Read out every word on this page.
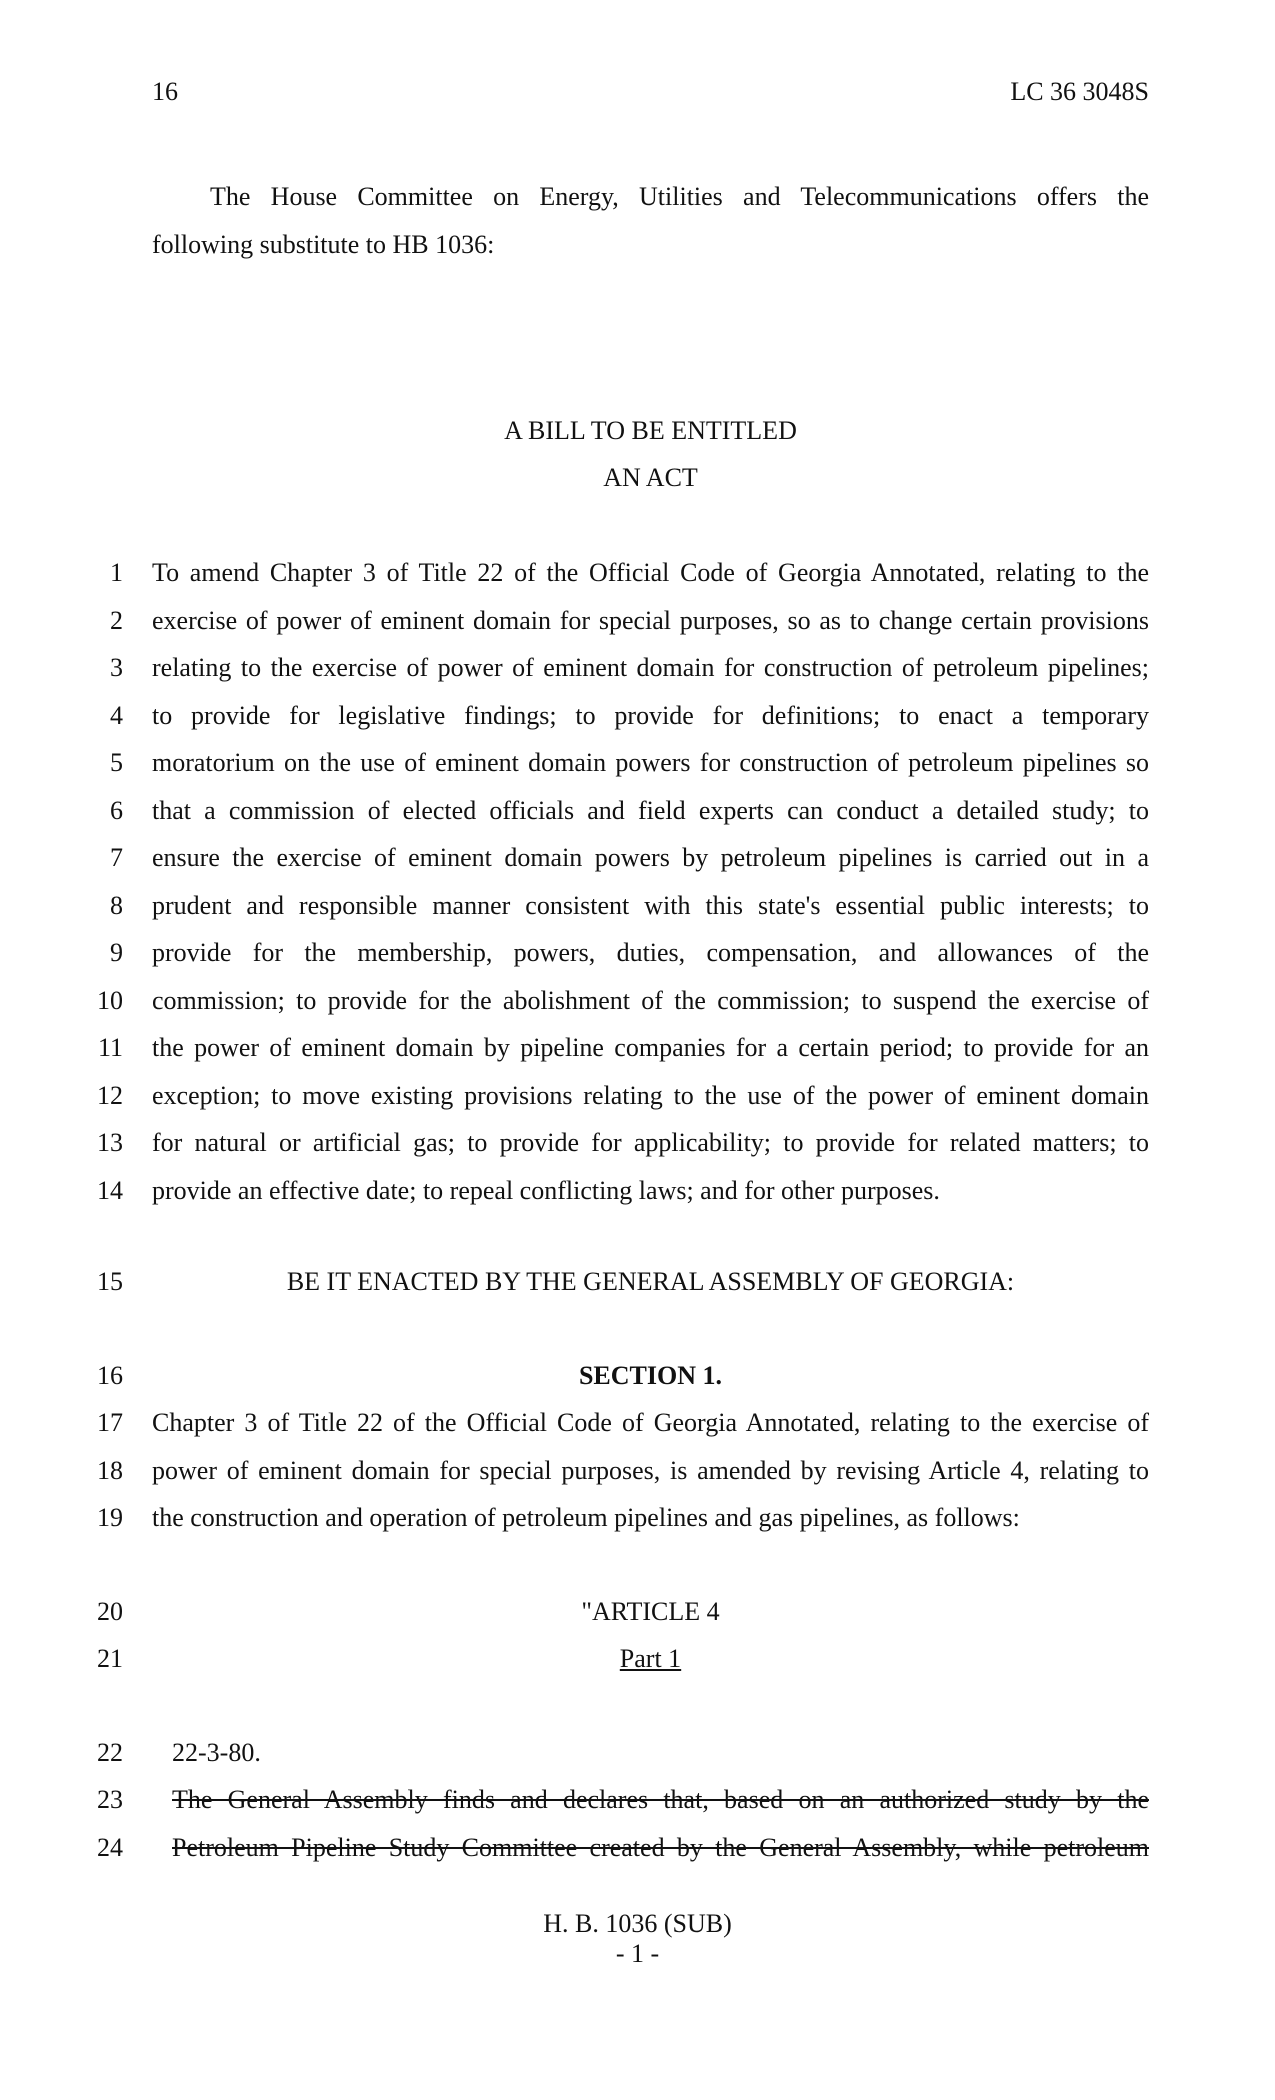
16	LC 36 3048S
The House Committee on Energy, Utilities and Telecommunications offers the
following substitute to HB 1036:
A BILL TO BE ENTITLED
AN ACT
1 To amend Chapter 3 of Title 22 of the Official Code of Georgia Annotated, relating to the
2 exercise of power of eminent domain for special purposes, so as to change certain provisions
3 relating to the exercise of power of eminent domain for construction of petroleum pipelines;
4 to provide for legislative findings; to provide for definitions; to enact a temporary
5 moratorium on the use of eminent domain powers for construction of petroleum pipelines so
6 that a commission of elected officials and field experts can conduct a detailed study; to
7 ensure the exercise of eminent domain powers by petroleum pipelines is carried out in a
8 prudent and responsible manner consistent with this state's essential public interests; to
9 provide for the membership, powers, duties, compensation, and allowances of the
10 commission; to provide for the abolishment of the commission; to suspend the exercise of
11 the power of eminent domain by pipeline companies for a certain period; to provide for an
12 exception; to move existing provisions relating to the use of the power of eminent domain
13 for natural or artificial gas; to provide for applicability; to provide for related matters; to
14 provide an effective date; to repeal conflicting laws; and for other purposes.
15	BE IT ENACTED BY THE GENERAL ASSEMBLY OF GEORGIA:
16	SECTION 1.
17 Chapter 3 of Title 22 of the Official Code of Georgia Annotated, relating to the exercise of
18 power of eminent domain for special purposes, is amended by revising Article 4, relating to
19 the construction and operation of petroleum pipelines and gas pipelines, as follows:
20	"ARTICLE 4
21	Part 1
22 22-3-80.
23 The General Assembly finds and declares that, based on an authorized study by the
24 Petroleum Pipeline Study Committee created by the General Assembly, while petroleum
H. B. 1036 (SUB)
- 1 -
